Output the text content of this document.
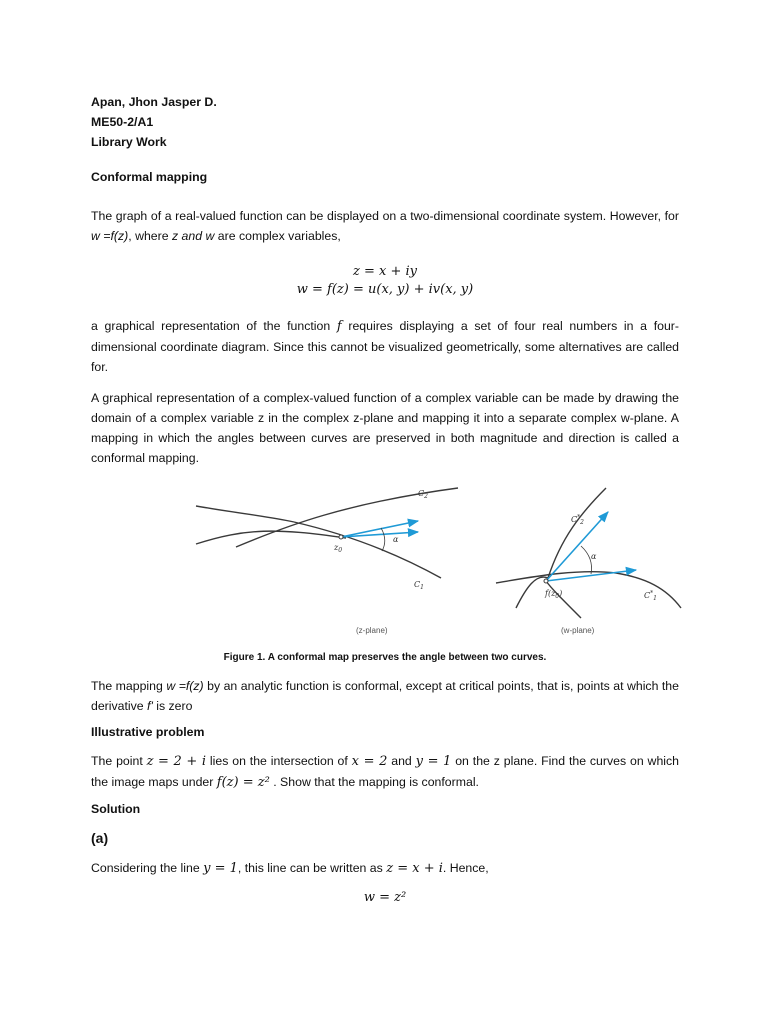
Apan, Jhon Jasper D.
ME50-2/A1
Library Work
Conformal mapping
The graph of a real-valued function can be displayed on a two-dimensional coordinate system. However, for w =f(z), where z and w are complex variables,
z = x + iy
w = f(z) = u(x, y) + iv(x, y)
a graphical representation of the function f requires displaying a set of four real numbers in a four-dimensional coordinate diagram. Since this cannot be visualized geometrically, some alternatives are called for.
A graphical representation of a complex-valued function of a complex variable can be made by drawing the domain of a complex variable z in the complex z-plane and mapping it into a separate complex w-plane. A mapping in which the angles between curves are preserved in both magnitude and direction is called a conformal mapping.
α
$z_0$
$C_2$
$C_1$
(z-plane)
α
$f(z_0)$
$C^*_2$
$C^*_1$
(w-plane)
Figure 1. A conformal map preserves the angle between two curves.
The mapping w =f(z) by an analytic function is conformal, except at critical points, that is, points at which the derivative f' is zero
Illustrative problem
The point z = 2 + i lies on the intersection of x = 2 and y = 1 on the z plane. Find the curves on which the image maps under f(z) = z² . Show that the mapping is conformal.
Solution
(a)
Considering the line y = 1, this line can be written as z = x + i. Hence,
w = z²
